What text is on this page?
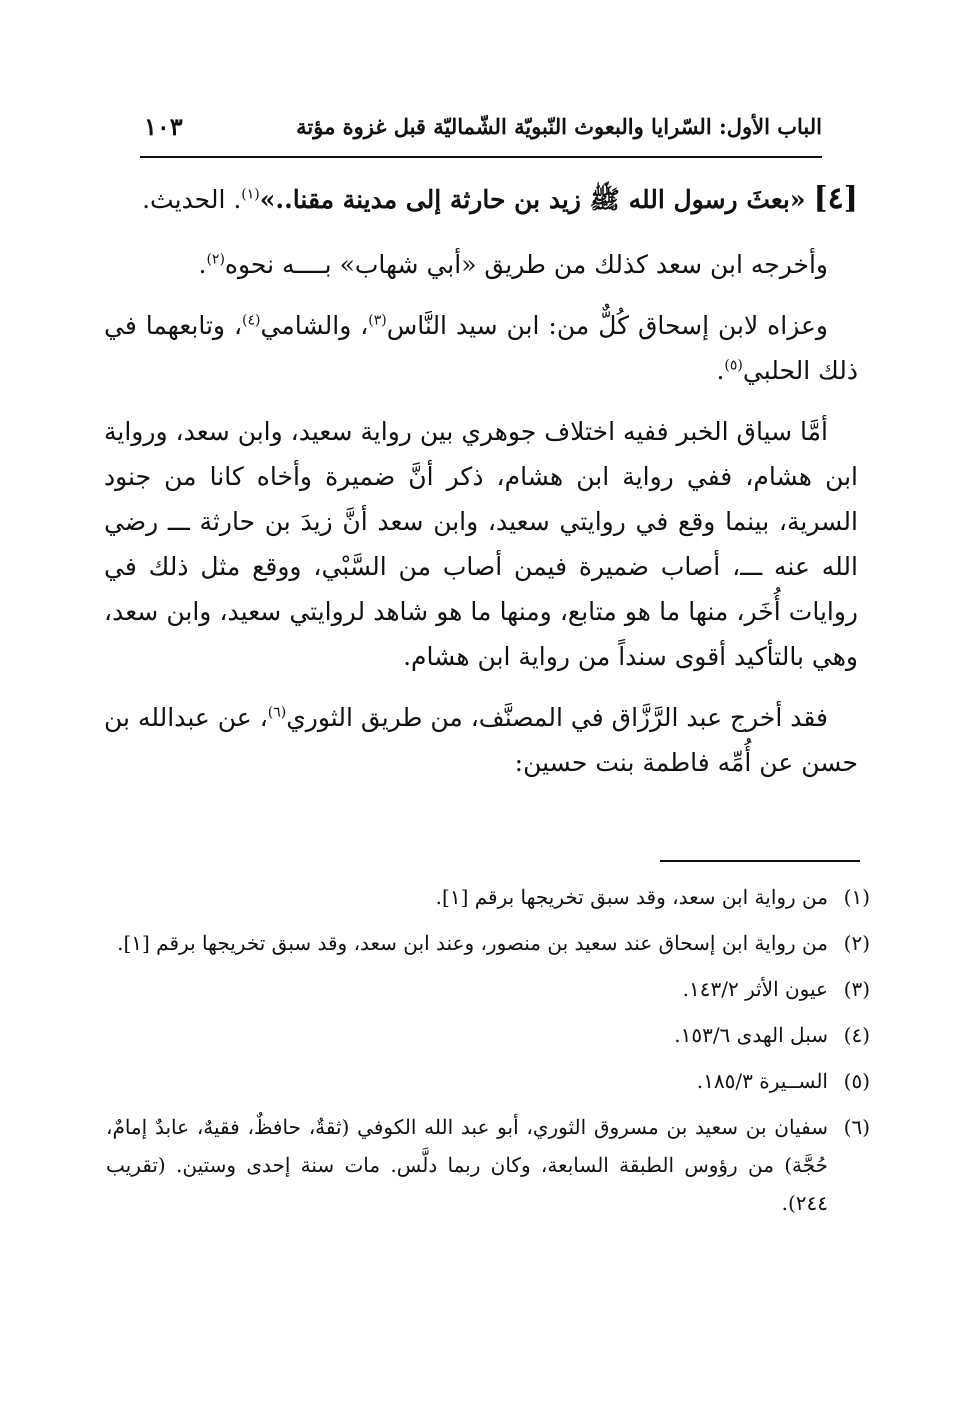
الباب الأول: السّرايا والبعوث النّبويّة الشّماليّة قبل غزوة مؤتة
١٠٣

[٤] «بعثَ رسول الله ﷺ زيد بن حارثة إلى مدينة مقنا..»$^{(١)}$. الحديث.

وأخرجه ابن سعد كذلك من طريق «أبي شهاب» بــــه نحوه$^{(٢)}$.

وعزاه لابن إسحاق كُلٌّ من: ابن سيد النَّاس$^{(٣)}$، والشامي$^{(٤)}$، وتابعهما في ذلك الحلبي$^{(٥)}$.

أمَّا سياق الخبر ففيه اختلاف جوهري بين رواية سعيد، وابن سعد، ورواية ابن هشام، ففي رواية ابن هشام، ذكر أنَّ ضميرة وأخاه كانا من جنود السرية، بينما وقع في روايتي سعيد، وابن سعد أنَّ زيدَ بن حارثة ـــ رضي الله عنه ـــ، أصاب ضميرة فيمن أصاب من السَّبْي، ووقع مثل ذلك في روايات أُخَر، منها ما هو متابع، ومنها ما هو شاهد لروايتي سعيد، وابن سعد، وهي بالتأكيد أقوى سنداً من رواية ابن هشام.

فقد أخرج عبد الرَّزَّاق في المصنَّف، من طريق الثوري$^{(٦)}$، عن عبدالله بن حسن عن أُمِّه فاطمة بنت حسين:

(١)
من رواية ابن سعد، وقد سبق تخريجها برقم [١].
(٢)
من رواية ابن إسحاق عند سعيد بن منصور، وعند ابن سعد، وقد سبق تخريجها برقم [١].
(٣)
عيون الأثر ١٤٣/٢.
(٤)
سبل الهدى ١٥٣/٦.
(٥)
الســيرة ١٨٥/٣.
(٦)
سفيان بن سعيد بن مسروق الثوري، أبو عبد الله الكوفي (ثقةٌ، حافظٌ، فقيهٌ، عابدٌ إمامٌ، حُجَّة) من رؤوس الطبقة السابعة، وكان ربما دلَّس. مات سنة إحدى وستين. (تقريب ٢٤٤).
